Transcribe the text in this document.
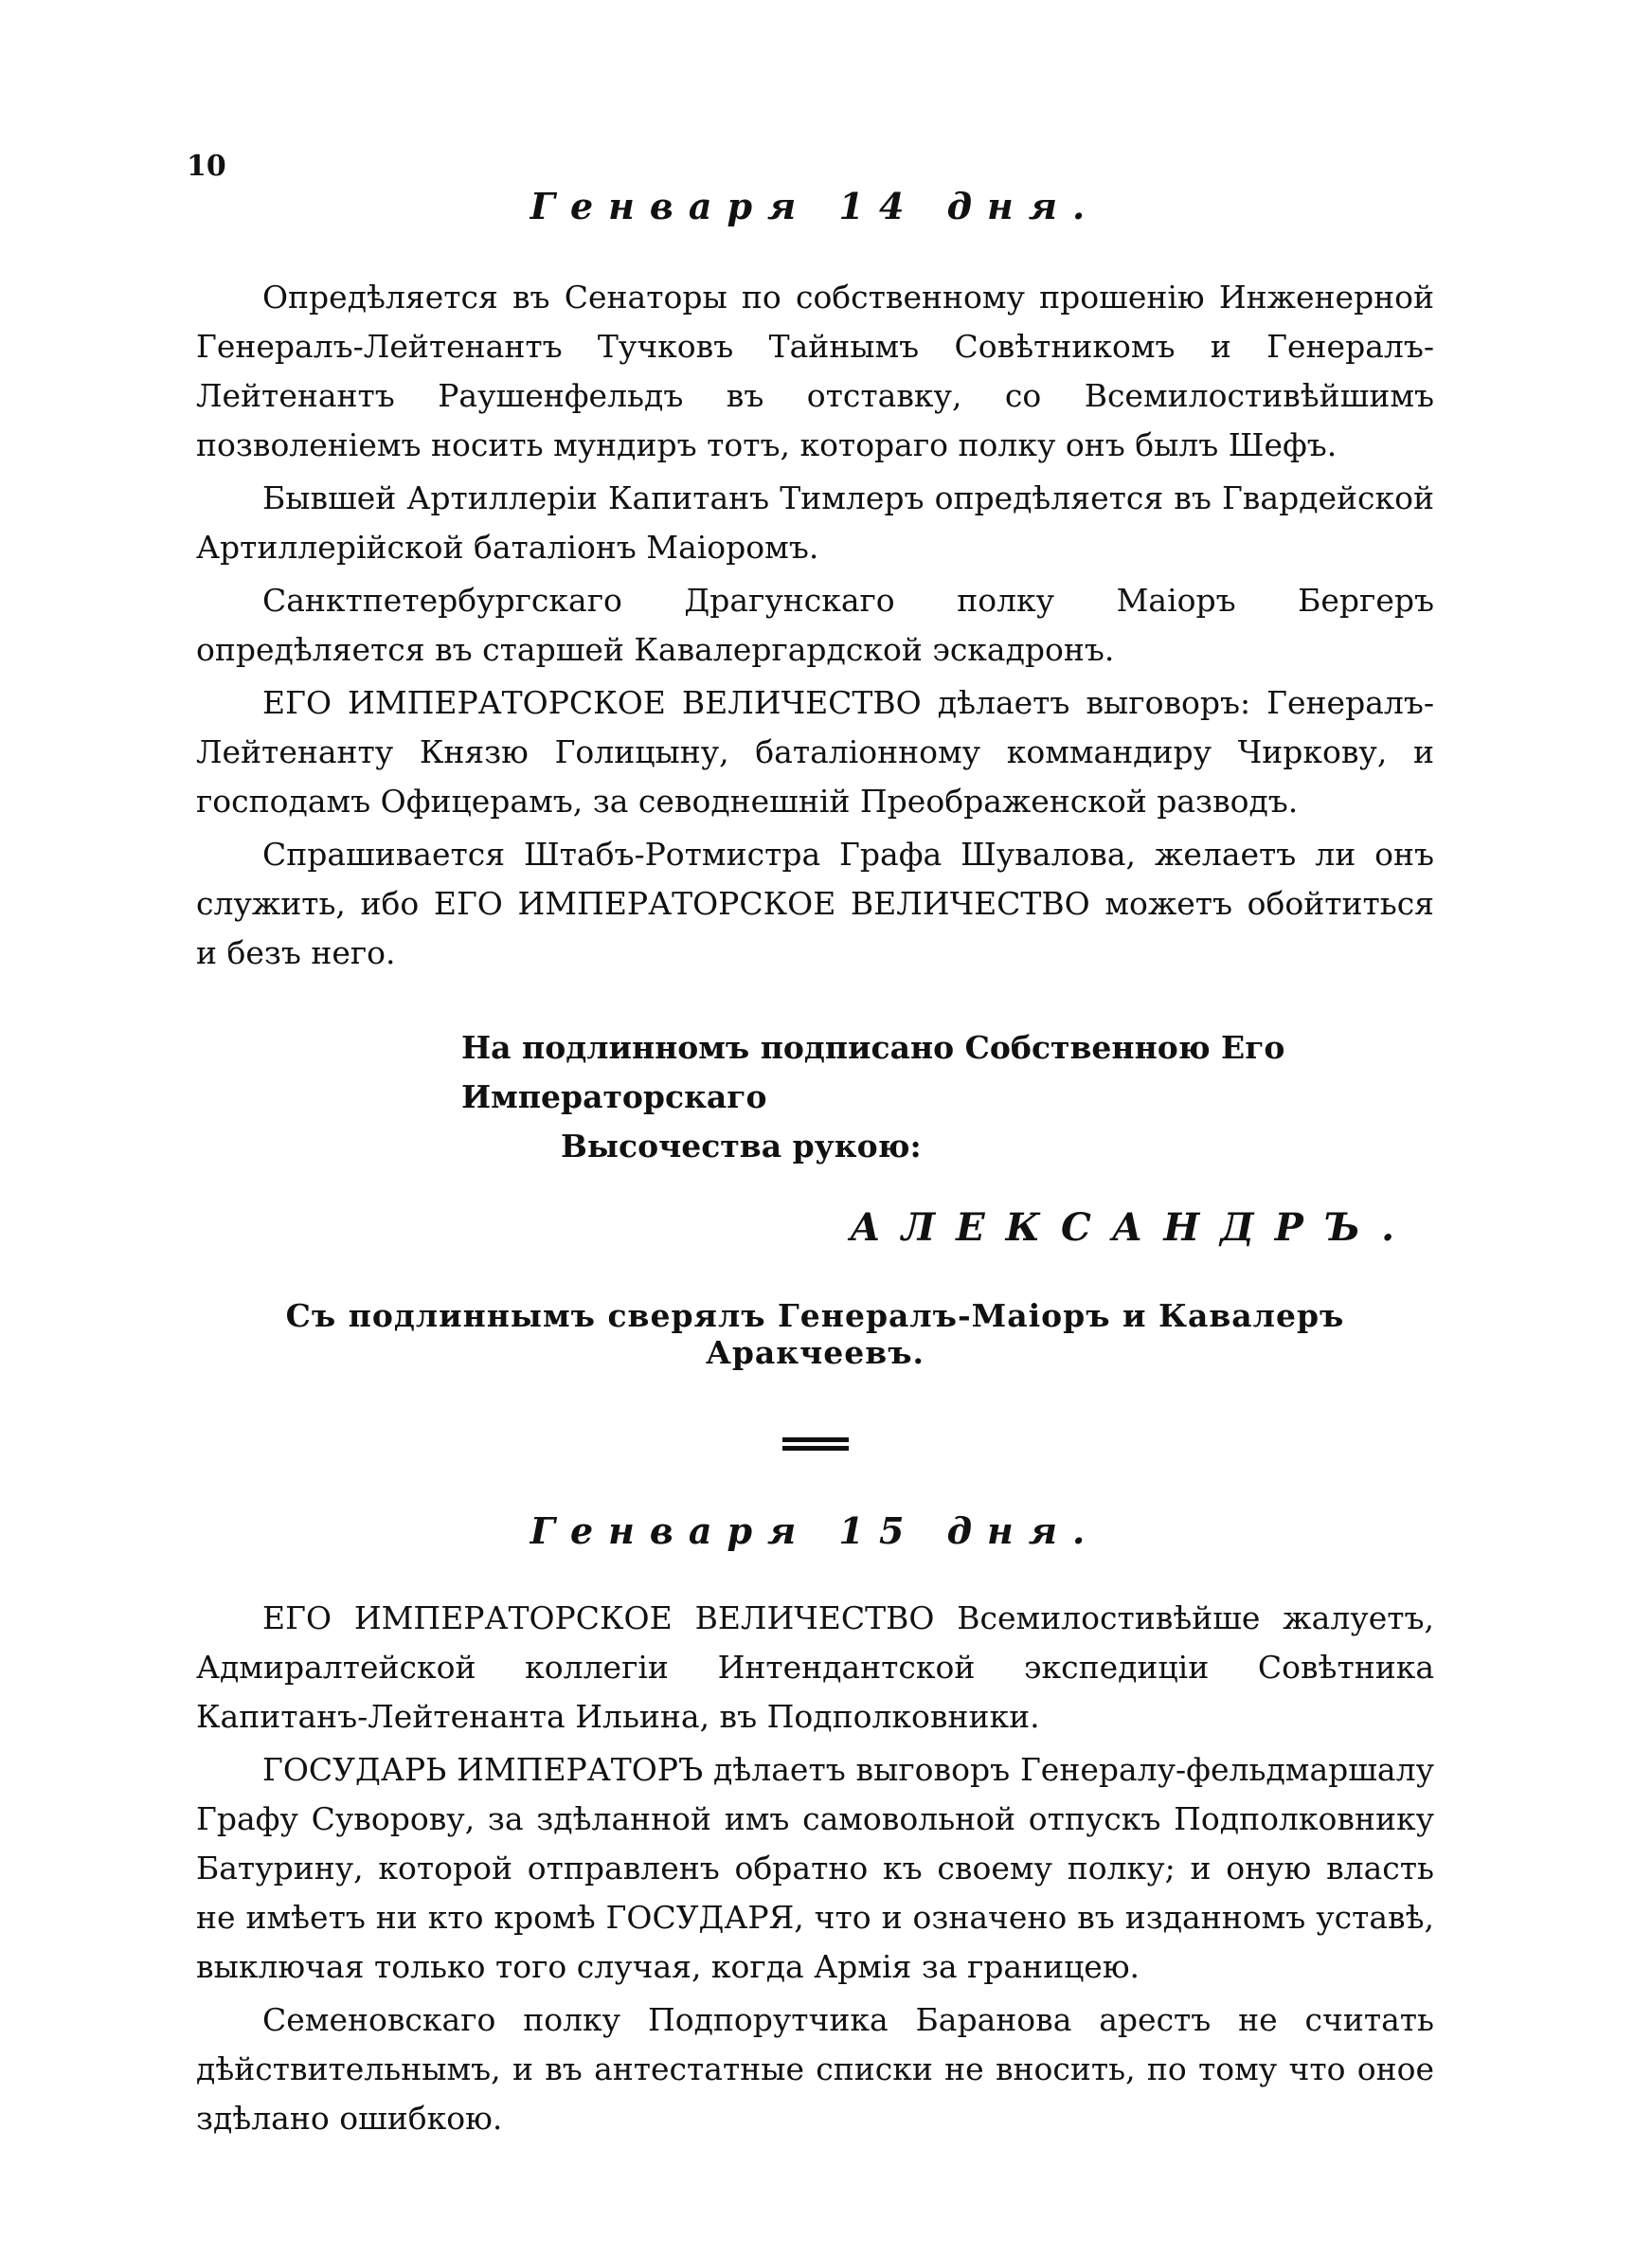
10
Генваря 14 дня.

Опредѣляется въ Сенаторы по собственному прошенію Инженерной Генералъ-Лейтенантъ Тучковъ Тайнымъ Совѣтникомъ и Генералъ-Лейтенантъ Раушенфельдъ въ отставку, со Всемилостивѣйшимъ позволеніемъ носить мундиръ тотъ, котораго полку онъ былъ Шефъ.

Бывшей Артиллеріи Капитанъ Тимлеръ опредѣляется въ Гвардейской Артиллерійской баталіонъ Маіоромъ.

Санктпетербургскаго Драгунскаго полку Маіоръ Бергеръ опредѣляется въ старшей Кавалергардской эскадронъ.

ЕГО ИМПЕРАТОРСКОЕ ВЕЛИЧЕСТВО дѣлаетъ выговоръ: Генералъ-Лейтенанту Князю Голицыну, баталіонному коммандиру Чиркову, и господамъ Офицерамъ, за севоднешній Преображенской разводъ.

Спрашивается Штабъ-Ротмистра Графа Шувалова, желаетъ ли онъ служить, ибо ЕГО ИМПЕРАТОРСКОЕ ВЕЛИЧЕСТВО можетъ обойтиться и безъ него.

На подлинномъ подписано Собственною Его Императорскаго
Высочества рукою:
АЛЕКСАНДРЪ.
Съ подлиннымъ сверялъ Генералъ-Маіоръ и Кавалеръ Аракчеевъ.
Генваря 15 дня.

ЕГО ИМПЕРАТОРСКОЕ ВЕЛИЧЕСТВО Всемилостивѣйше жалуетъ, Адмиралтейской коллегіи Интендантской экспедиціи Совѣтника Капитанъ-Лейтенанта Ильина, въ Подполковники.

ГОСУДАРЬ ИМПЕРАТОРЪ дѣлаетъ выговоръ Генералу-фельдмаршалу Графу Суворову, за здѣланной имъ самовольной отпускъ Подполковнику Батурину, которой отправленъ обратно къ своему полку; и оную власть не имѣетъ ни кто кромѣ ГОСУДАРЯ, что и означено въ изданномъ уставѣ, выключая только того случая, когда Армія за границею.

Семеновскаго полку Подпорутчика Баранова арестъ не считать дѣйствительнымъ, и въ антестатные списки не вносить, по тому что оное здѣлано ошибкою.
